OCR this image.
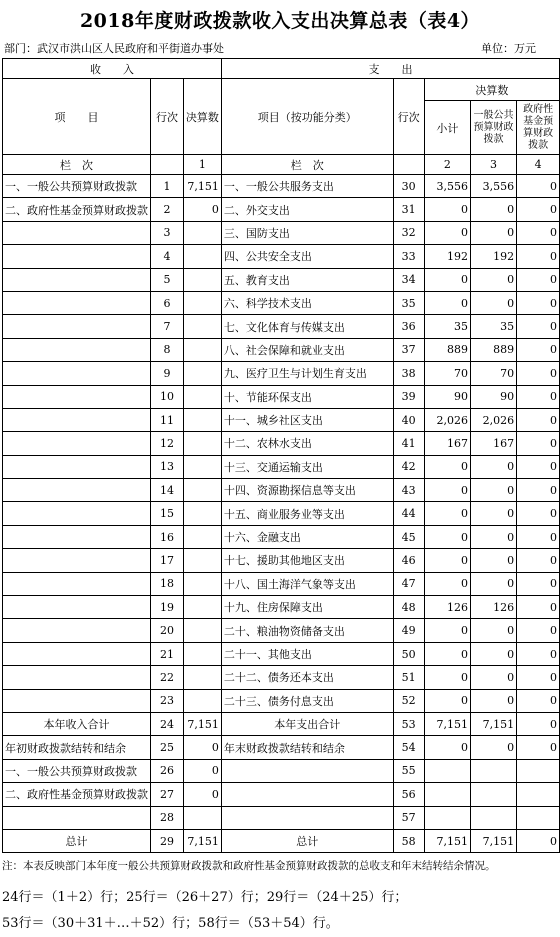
2018年度财政拨款收入支出决算总表（表4）
部门：武汉市洪山区人民政府和平街道办事处	单位：万元
收　　入			支　　出				
项　　目	行次	决算数	项目（按功能分类）	行次	决算数		
					小计	一般公共预算财政拨款	政府性基金预算财政拨款
栏　次		1	栏　次		2	3	4
一、一般公共预算财政拨款	1	7,151	一、一般公共服务支出	30	3,556	3,556	0
二、政府性基金预算财政拨款	2	0	二、外交支出	31	0	0	0
	3		三、国防支出	32	0	0	0
	4		四、公共安全支出	33	192	192	0
	5		五、教育支出	34	0	0	0
	6		六、科学技术支出	35	0	0	0
	7		七、文化体育与传媒支出	36	35	35	0
	8		八、社会保障和就业支出	37	889	889	0
	9		九、医疗卫生与计划生育支出	38	70	70	0
	10		十、节能环保支出	39	90	90	0
	11		十一、城乡社区支出	40	2,026	2,026	0
	12		十二、农林水支出	41	167	167	0
	13		十三、交通运输支出	42	0	0	0
	14		十四、资源勘探信息等支出	43	0	0	0
	15		十五、商业服务业等支出	44	0	0	0
	16		十六、金融支出	45	0	0	0
	17		十七、援助其他地区支出	46	0	0	0
	18		十八、国土海洋气象等支出	47	0	0	0
	19		十九、住房保障支出	48	126	126	0
	20		二十、粮油物资储备支出	49	0	0	0
	21		二十一、其他支出	50	0	0	0
	22		二十二、债务还本支出	51	0	0	0
	23		二十三、债务付息支出	52	0	0	0
本年收入合计	24	7,151	本年支出合计	53	7,151	7,151	0
年初财政拨款结转和结余	25	0	年末财政拨款结转和结余	54	0	0	0
一、一般公共预算财政拨款	26	0		55			
二、政府性基金预算财政拨款	27	0		56			
	28			57			
总计	29	7,151	总计	58	7,151	7,151	0
注：本表反映部门本年度一般公共预算财政拨款和政府性基金预算财政拨款的总收支和年末结转结余情况。
24行＝（1＋2）行；25行＝（26＋27）行；29行＝（24＋25）行；
53行＝（30＋31＋…＋52）行；58行＝（53＋54）行。
